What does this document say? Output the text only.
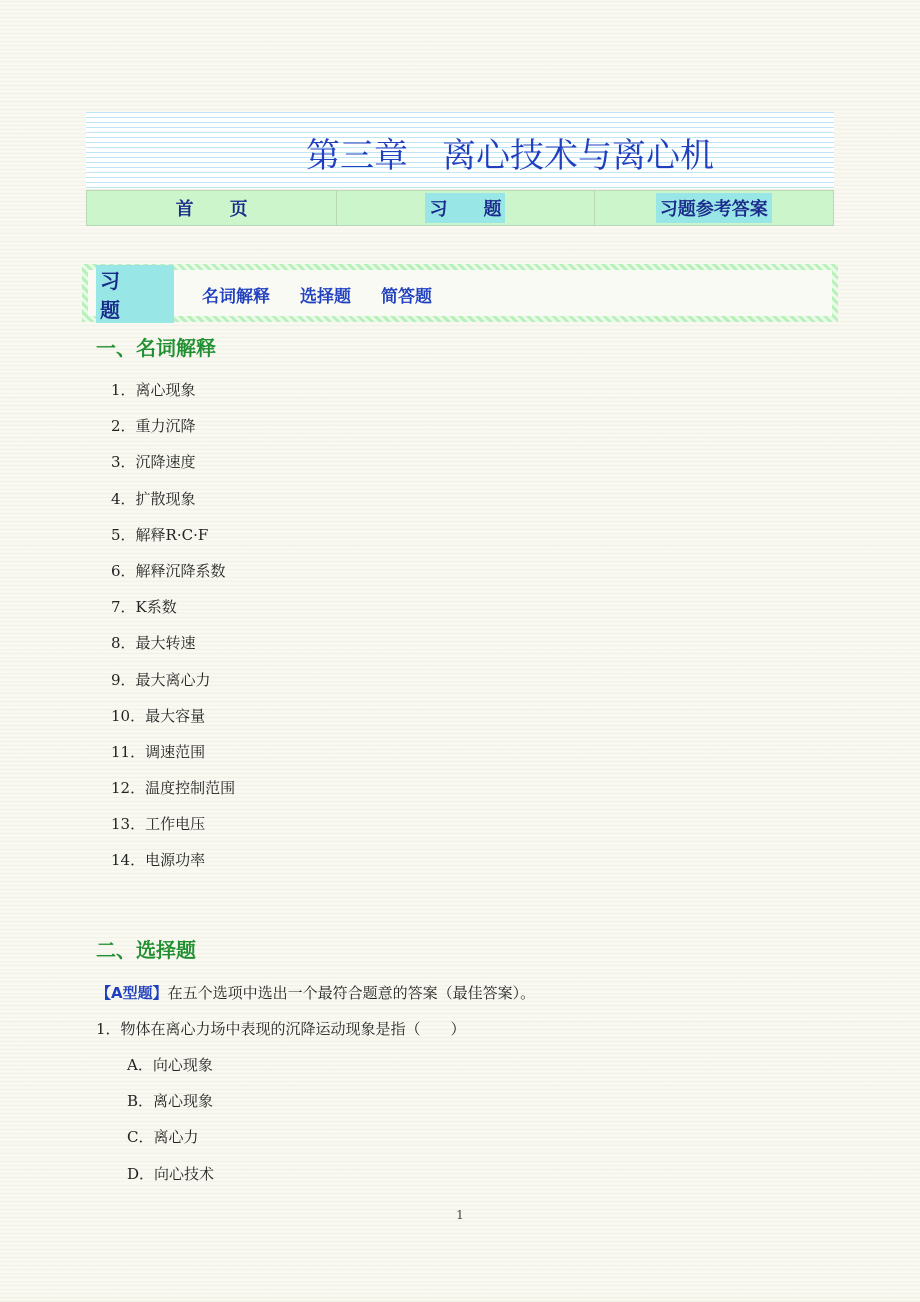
第三章　离心技术与离心机
首　　页	习　　题	习题参考答案
习题
名词解释 选择题 简答题
一、名词解释
1．离心现象
2．重力沉降
3．沉降速度
4．扩散现象
5．解释R·C·F
6．解释沉降系数
7．K系数
8．最大转速
9．最大离心力
10．最大容量
11．调速范围
12．温度控制范围
13．工作电压
14．电源功率
二、选择题
【A型题】在五个选项中选出一个最符合题意的答案（最佳答案）。
1．物体在离心力场中表现的沉降运动现象是指（　　）
A．向心现象
B．离心现象
C．离心力
D．向心技术
1
